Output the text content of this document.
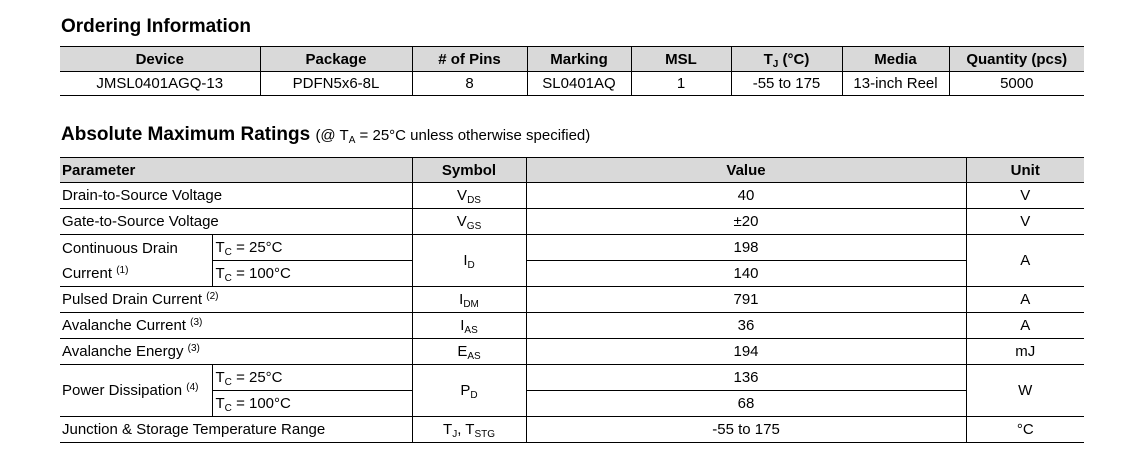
Ordering Information
Device	Package	# of Pins	Marking	MSL	$T_J$ (°C)	Media	Quantity (pcs)
JMSL0401AGQ-13	PDFN5x6-8L	8	SL0401AQ	1	-55 to 175	13-inch Reel	5000
Absolute Maximum Ratings (@ $T_A = 25^\circ C$ unless otherwise specified)
Parameter		Symbol	Value	Unit
Drain-to-Source Voltage		$V_{DS}$	40	V
Gate-to-Source Voltage		$V_{GS}$	±20	V
Continuous Drain Current $^{(1)}$	$T_C = 25^\circ C$	$I_D$	198	A
	$T_C = 100^\circ C$		140	
Pulsed Drain Current $^{(2)}$		$I_{DM}$	791	A
Avalanche Current $^{(3)}$		$I_{AS}$	36	A
Avalanche Energy $^{(3)}$		$E_{AS}$	194	mJ
Power Dissipation $^{(4)}$	$T_C = 25^\circ C$	$P_D$	136	W
	$T_C = 100^\circ C$		68	
Junction & Storage Temperature Range		$T_J$, $T_{STG}$	-55 to 175	°C
